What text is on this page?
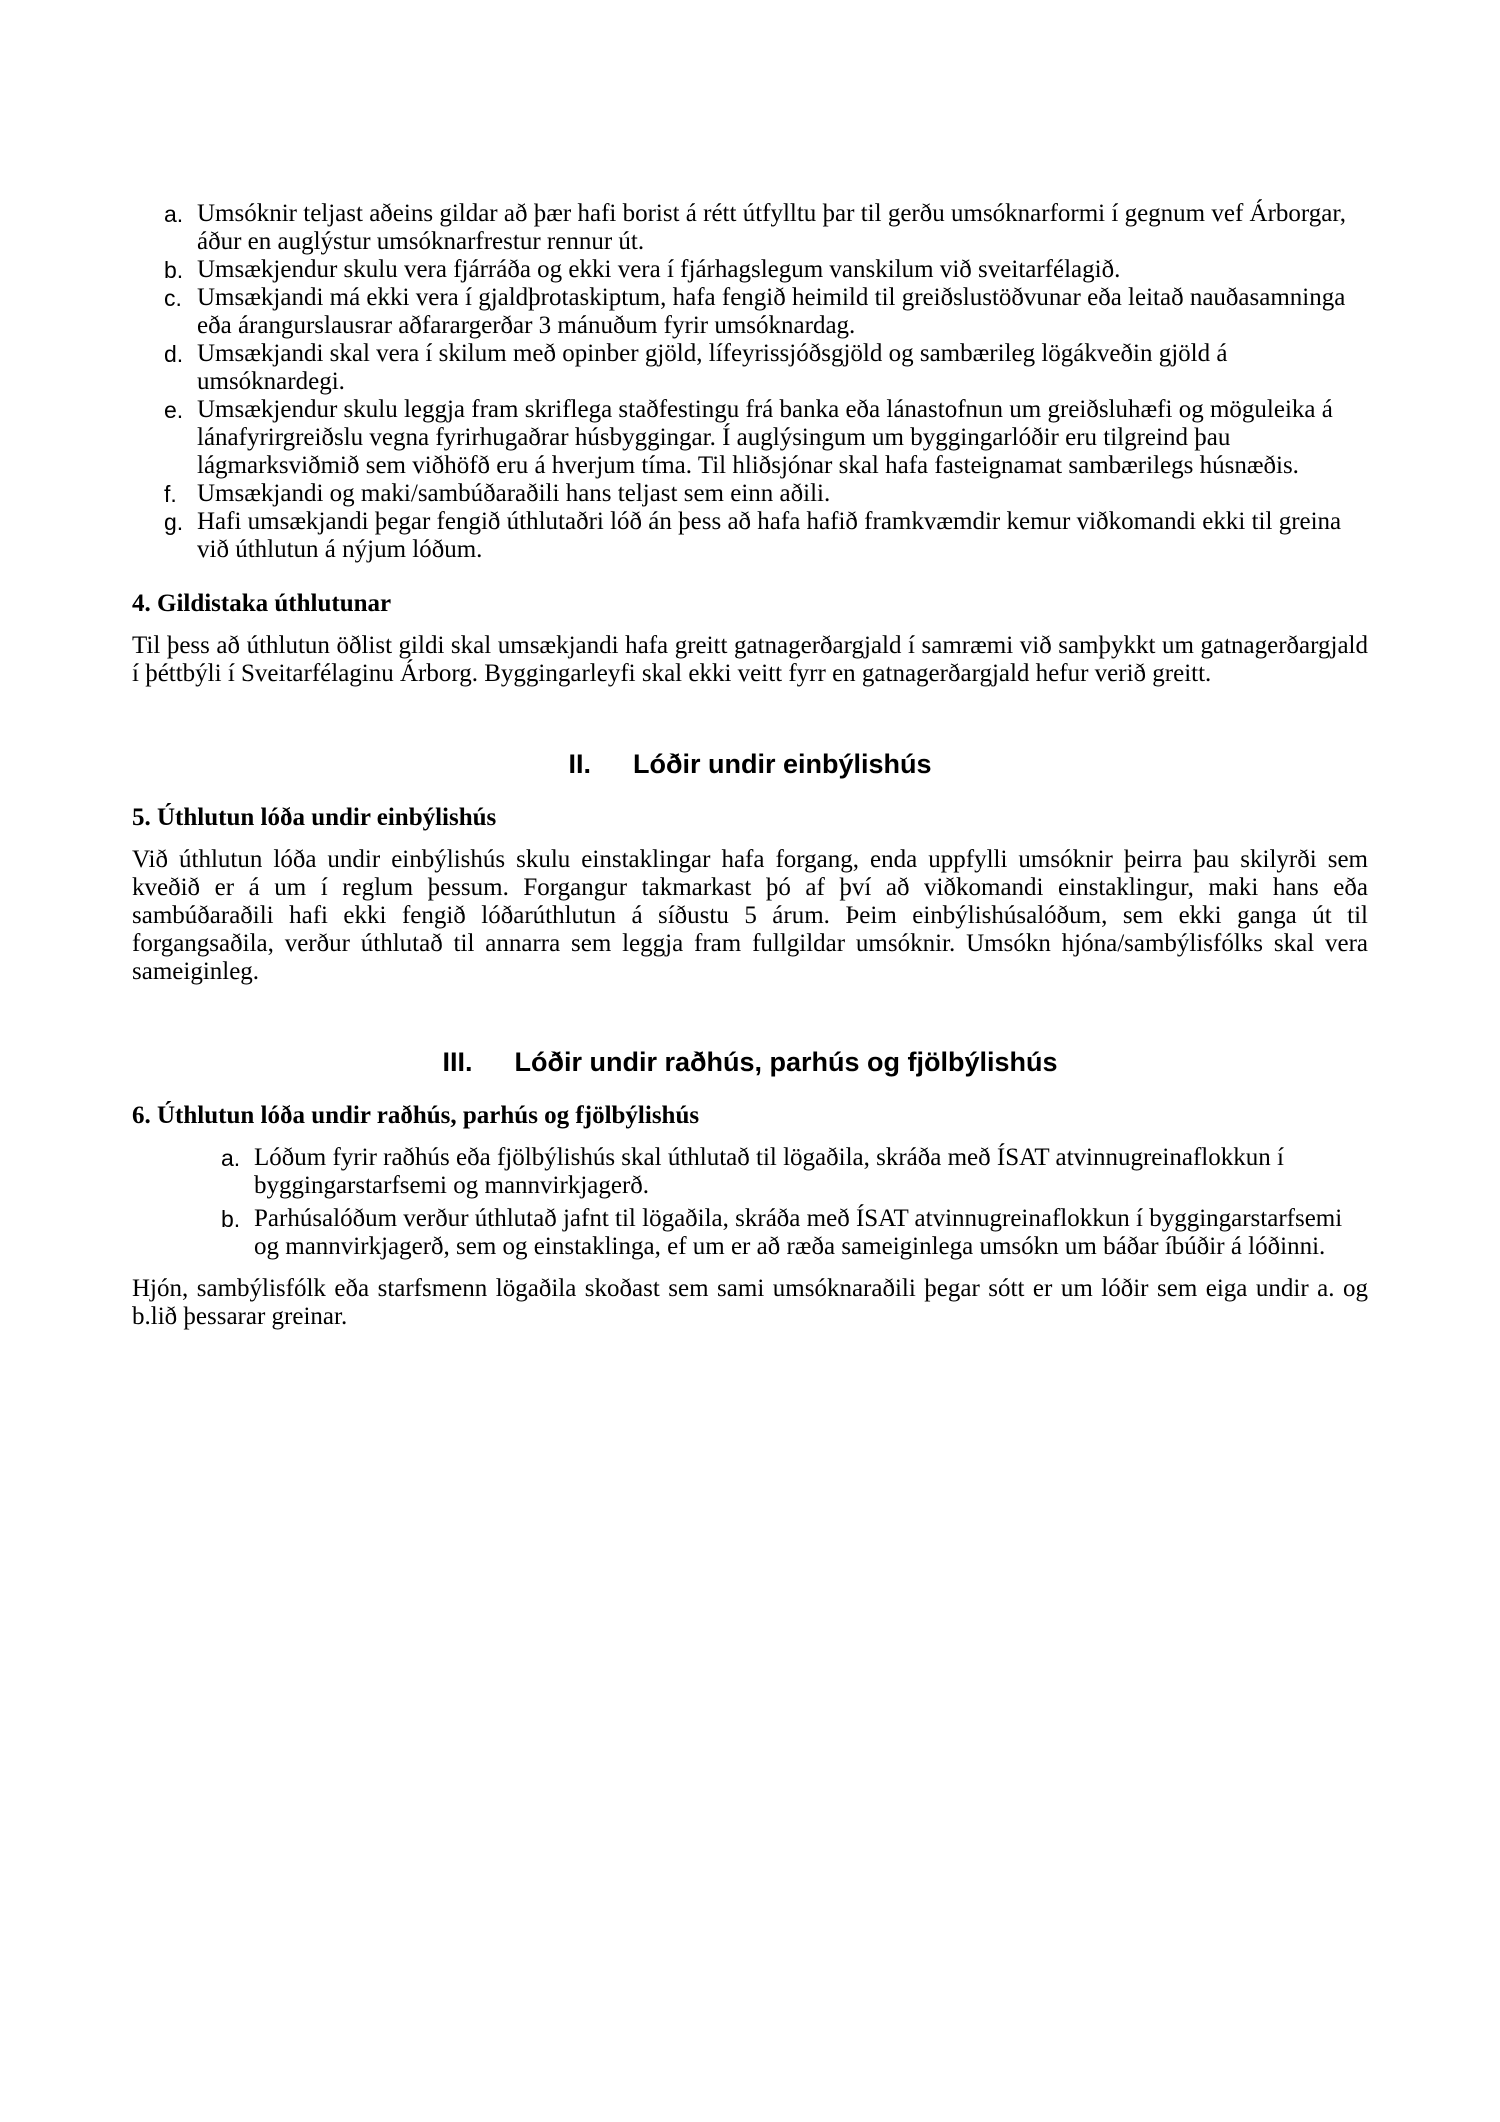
a. Umsóknir teljast aðeins gildar að þær hafi borist á rétt útfylltu þar til gerðu umsóknarformi í gegnum vef Árborgar, áður en auglýstur umsóknarfrestur rennur út.
b. Umsækjendur skulu vera fjárráða og ekki vera í fjárhagslegum vanskilum við sveitarfélagið.
c. Umsækjandi má ekki vera í gjaldþrotaskiptum, hafa fengið heimild til greiðslustöðvunar eða leitað nauðasamninga eða árangurslausrar aðfarargerðar 3 mánuðum fyrir umsóknardag.
d. Umsækjandi skal vera í skilum með opinber gjöld, lífeyrissjóðsgjöld og sambærileg lögákveðin gjöld á umsóknardegi.
e. Umsækjendur skulu leggja fram skriflega staðfestingu frá banka eða lánastofnun um greiðsluhæfi og möguleika á lánafyrirgreiðslu vegna fyrirhugaðrar húsbyggingar. Í auglýsingum um byggingarlóðir eru tilgreind þau lágmarksviðmið sem viðhöfð eru á hverjum tíma. Til hliðsjónar skal hafa fasteignamat sambærilegs húsnæðis.
f. Umsækjandi og maki/sambúðaraðili hans teljast sem einn aðili.
g. Hafi umsækjandi þegar fengið úthlutaðri lóð án þess að hafa hafið framkvæmdir kemur viðkomandi ekki til greina við úthlutun á nýjum lóðum.
4. Gildistaka úthlutunar

Til þess að úthlutun öðlist gildi skal umsækjandi hafa greitt gatnagerðargjald í samræmi við samþykkt um gatnagerðargjald í þéttbýli í Sveitarfélaginu Árborg. Byggingarleyfi skal ekki veitt fyrr en gatnagerðargjald hefur verið greitt.

II. Lóðir undir einbýlishús
5. Úthlutun lóða undir einbýlishús

Við úthlutun lóða undir einbýlishús skulu einstaklingar hafa forgang, enda uppfylli umsóknir þeirra þau skilyrði sem kveðið er á um í reglum þessum. Forgangur takmarkast þó af því að viðkomandi einstaklingur, maki hans eða sambúðaraðili hafi ekki fengið lóðarúthlutun á síðustu 5 árum. Þeim einbýlishúsalóðum, sem ekki ganga út til forgangsaðila, verður úthlutað til annarra sem leggja fram fullgildar umsóknir. Umsókn hjóna/sambýlisfólks skal vera sameiginleg.

III. Lóðir undir raðhús, parhús og fjölbýlishús
6. Úthlutun lóða undir raðhús, parhús og fjölbýlishús
a. Lóðum fyrir raðhús eða fjölbýlishús skal úthlutað til lögaðila, skráða með ÍSAT atvinnugreinaflokkun í byggingarstarfsemi og mannvirkjagerð.
b. Parhúsalóðum verður úthlutað jafnt til lögaðila, skráða með ÍSAT atvinnugreinaflokkun í byggingarstarfsemi og mannvirkjagerð, sem og einstaklinga, ef um er að ræða sameiginlega umsókn um báðar íbúðir á lóðinni.

Hjón, sambýlisfólk eða starfsmenn lögaðila skoðast sem sami umsóknaraðili þegar sótt er um lóðir sem eiga undir a. og b.lið þessarar greinar.
